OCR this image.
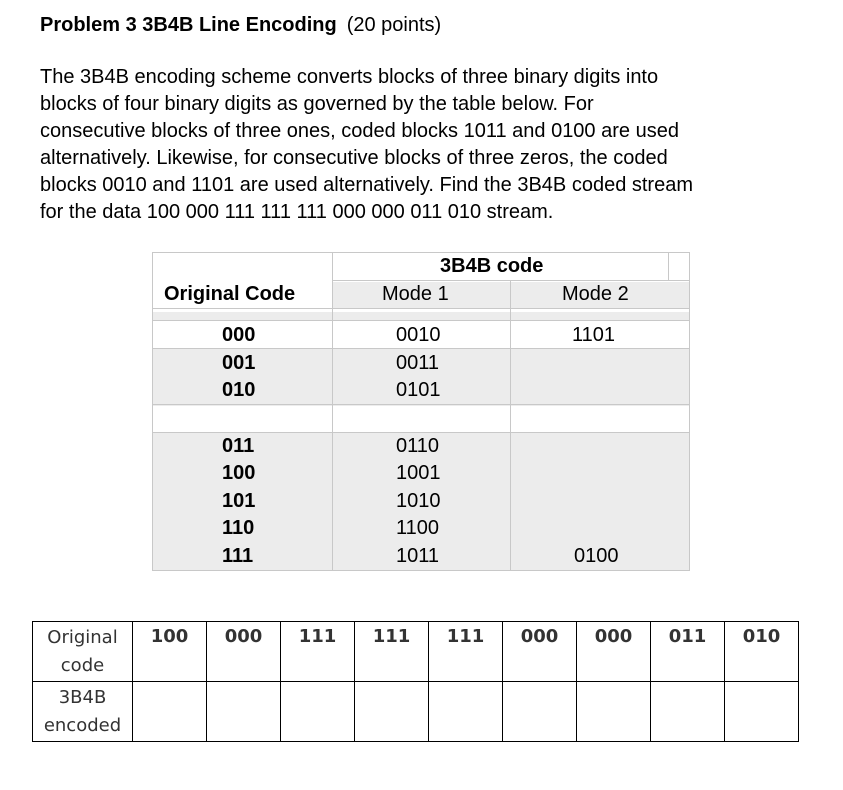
Problem 3 3B4B Line Encoding (20 points)
The 3B4B encoding scheme converts blocks of three binary digits into
blocks of four binary digits as governed by the table below. For
consecutive blocks of three ones, coded blocks 1011 and 0100 are used
alternatively. Likewise, for consecutive blocks of three zeros, the coded
blocks 0010 and 1101 are used alternatively. Find the 3B4B coded stream
for the data 100 000 111 111 111 000 000 011 010 stream.
3B4B code
Original Code	Mode 1	Mode 2
000	0010	1101
001	0011
010	0101
011	0110
100	1001
101	1010
110	1100
111	1011	0100
Original
code	100	000	111	111	111	000	000	011	010

3B4B
encoded									
